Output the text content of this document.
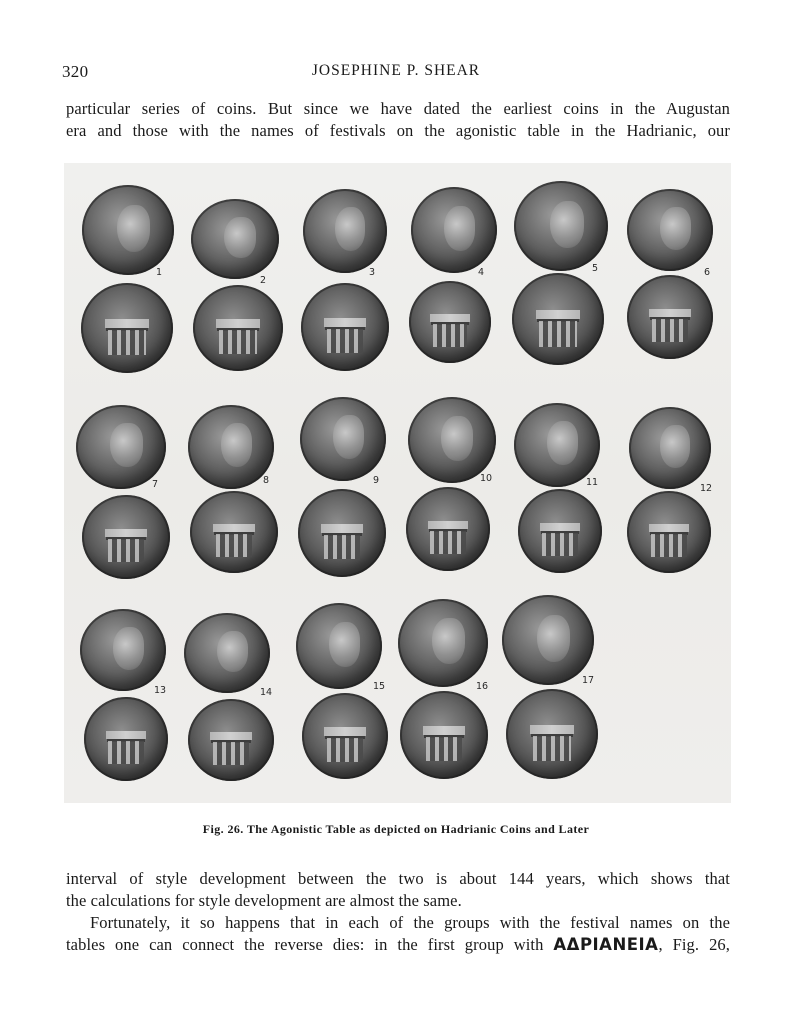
320	JOSEPHINE P. SHEAR
particular series of coins. But since we have dated the earliest coins in the Augustan
era and those with the names of festivals on the agonistic table in the Hadrianic, our
1
2
3	4	5	6
7	8	9	10	11
12
13	14
15	16
17
Fig. 26. The Agonistic Table as depicted on Hadrianic Coins and Later
interval of style development between the two is about 144 years, which shows that
the calculations for style development are almost the same.
Fortunately, it so happens that in each of the groups with the festival names on the
tables one can connect the reverse dies: in the first group with ΑΔΡΙΑΝΕΙΑ, Fig. 26,
